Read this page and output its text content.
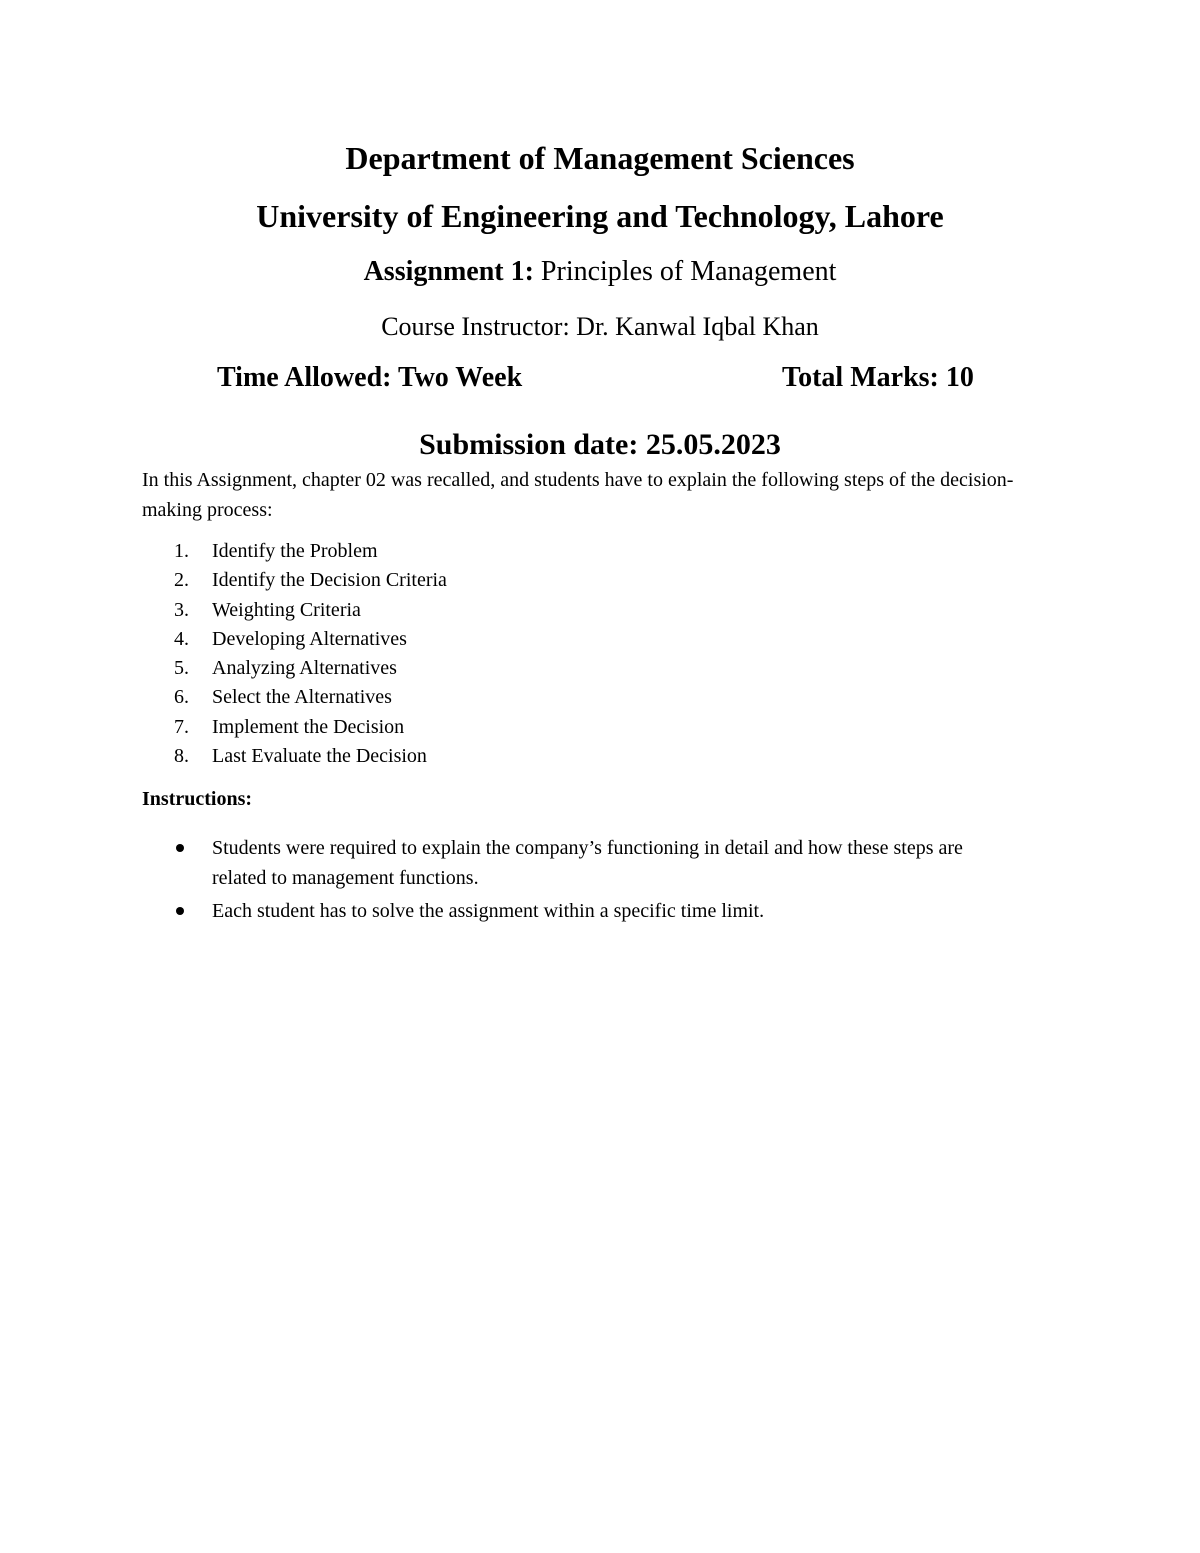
Department of Management Sciences
University of Engineering and Technology, Lahore
Assignment 1: Principles of Management
Course Instructor: Dr. Kanwal Iqbal Khan
Time Allowed: Two Week	Total Marks: 10
Submission date: 25.05.2023
In this Assignment, chapter 02 was recalled, and students have to explain the following steps of the decision-making process:
1. Identify the Problem
2. Identify the Decision Criteria
3. Weighting Criteria
4. Developing Alternatives
5. Analyzing Alternatives
6. Select the Alternatives
7. Implement the Decision
8. Last Evaluate the Decision
Instructions:
Students were required to explain the company’s functioning in detail and how these steps are related to management functions.
Each student has to solve the assignment within a specific time limit.
